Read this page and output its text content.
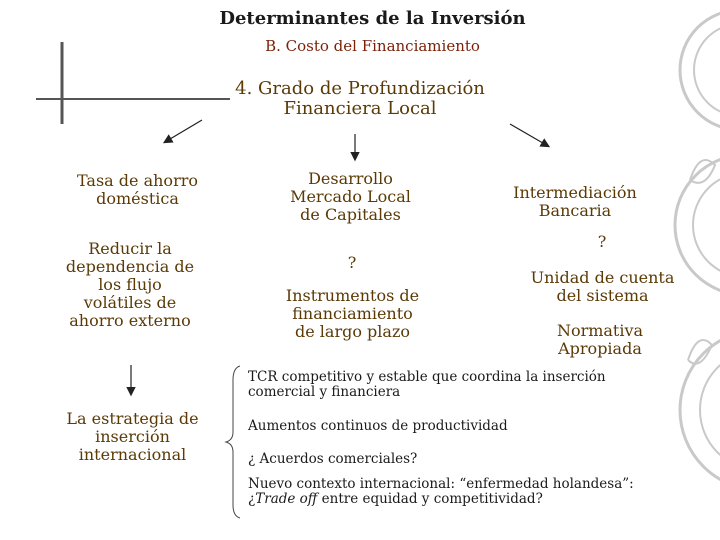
Determinantes de la Inversión
B. Costo del Financiamiento
4. Grado de Profundización
Financiera Local
Tasa de ahorro
doméstica
Reducir la
dependencia de
los flujo
volátiles de
ahorro externo
La estrategia de
inserción
internacional
Desarrollo
Mercado Local
de Capitales
?
Instrumentos de
financiamiento
de largo plazo
Intermediación
Bancaria
?
Unidad de cuenta
del sistema
Normativa
Apropiada
TCR competitivo y estable que coordina la inserción
comercial y financiera
Aumentos continuos de productividad
¿ Acuerdos comerciales?
Nuevo contexto internacional: “enfermedad holandesa”:
¿Trade off entre equidad y competitividad?
